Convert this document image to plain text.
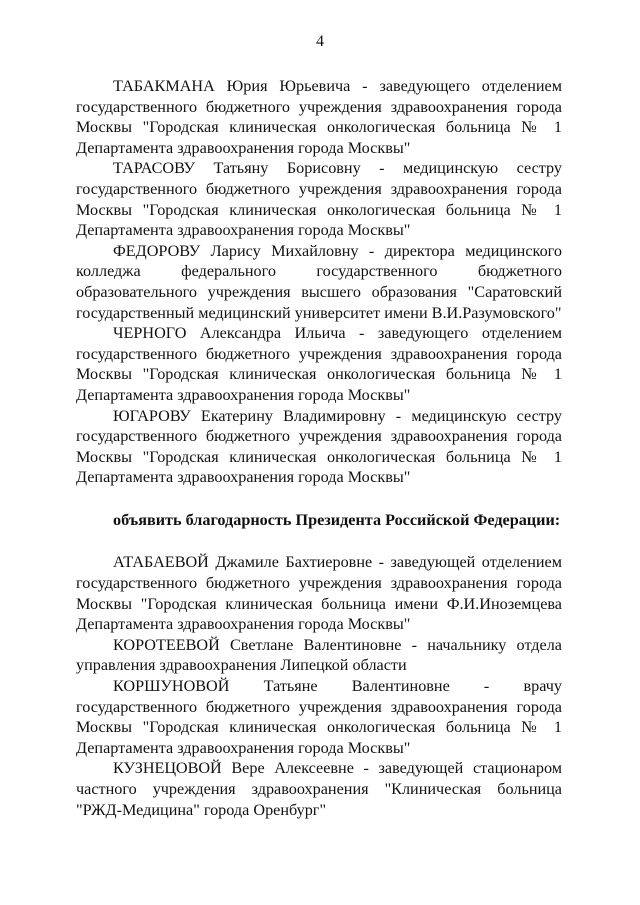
4

ТАБАКМАНА Юрия Юрьевича - заведующего отделением государственного бюджетного учреждения здравоохранения города Москвы "Городская клиническая онкологическая больница № 1 Департамента здравоохранения города Москвы"

ТАРАСОВУ Татьяну Борисовну - медицинскую сестру государственного бюджетного учреждения здравоохранения города Москвы "Городская клиническая онкологическая больница № 1 Департамента здравоохранения города Москвы"

ФЕДОРОВУ Ларису Михайловну - директора медицинского колледжа федерального государственного бюджетного образовательного учреждения высшего образования "Саратовский государственный медицинский университет имени В.И.Разумовского"

ЧЕРНОГО Александра Ильича - заведующего отделением государственного бюджетного учреждения здравоохранения города Москвы "Городская клиническая онкологическая больница № 1 Департамента здравоохранения города Москвы"

ЮГАРОВУ Екатерину Владимировну - медицинскую сестру государственного бюджетного учреждения здравоохранения города Москвы "Городская клиническая онкологическая больница № 1 Департамента здравоохранения города Москвы"

объявить благодарность Президента Российской Федерации:

АТАБАЕВОЙ Джамиле Бахтиеровне - заведующей отделением государственного бюджетного учреждения здравоохранения города Москвы "Городская клиническая больница имени Ф.И.Иноземцева Департамента здравоохранения города Москвы"

КОРОТЕЕВОЙ Светлане Валентиновне - начальнику отдела управления здравоохранения Липецкой области

КОРШУНОВОЙ Татьяне Валентиновне - врачу государственного бюджетного учреждения здравоохранения города Москвы "Городская клиническая онкологическая больница № 1 Департамента здравоохранения города Москвы"

КУЗНЕЦОВОЙ Вере Алексеевне - заведующей стационаром частного учреждения здравоохранения "Клиническая больница "РЖД-Медицина" города Оренбург"
